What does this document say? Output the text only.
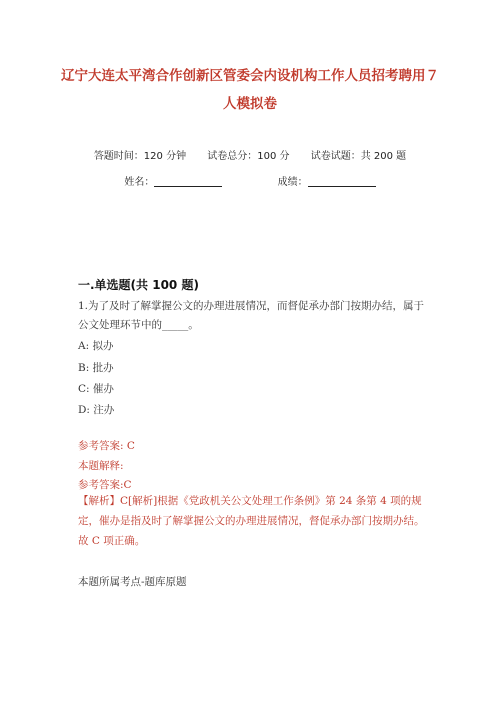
辽宁大连太平湾合作创新区管委会内设机构工作人员招考聘用７人模拟卷
答题时间：120 分钟 试卷总分：100 分 试卷试题：共 200 题
姓名：	成绩：
一.单选题(共 100 题)
1.为了及时了解掌握公文的办理进展情况，而督促承办部门按期办结，属于公文处理环节中的_____。
A: 拟办
B: 批办
C: 催办
D: 注办
参考答案: C
本题解释:
参考答案:C
【解析】C[解析]根据《党政机关公文处理工作条例》第 24 条第 4 项的规定，催办是指及时了解掌握公文的办理进展情况，督促承办部门按期办结。故 C 项正确。
本题所属考点-题库原题
